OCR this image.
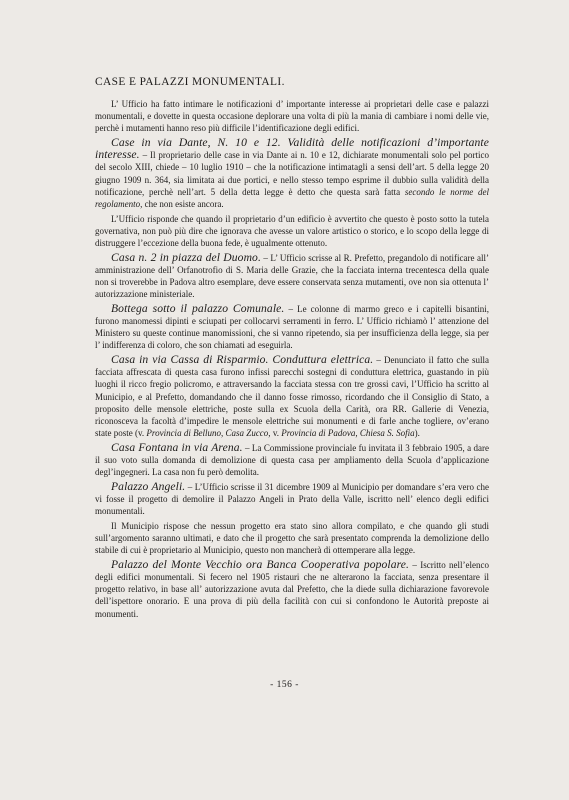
CASE E PALAZZI MONUMENTALI.

L’ Ufficio ha fatto intimare le notificazioni d’ importante interesse ai proprietari delle case e palazzi monumentali, e dovette in questa occasione deplorare una volta di più la mania di cambiare i nomi delle vie, perchè i mutamenti hanno reso più difficile l’identificazione degli edifici.

Case in via Dante, N. 10 e 12. Validità delle notificazioni d’importante interesse. – Il proprietario delle case in via Dante ai n. 10 e 12, dichiarate monumentali solo pel portico del secolo XIII, chiede – 10 luglio 1910 – che la notificazione intimatagli a sensi dell’art. 5 della legge 20 giugno 1909 n. 364, sia limitata ai due portici, e nello stesso tempo esprime il dubbio sulla validità della notificazione, perchè nell’art. 5 della detta legge è detto che questa sarà fatta secondo le norme del regolamento, che non esiste ancora.

L’Ufficio risponde che quando il proprietario d’un edificio è avvertito che questo è posto sotto la tutela governativa, non può più dire che ignorava che avesse un valore artistico o storico, e lo scopo della legge di distruggere l’eccezione della buona fede, è ugualmente ottenuto.

Casa n. 2 in piazza del Duomo. – L’ Ufficio scrisse al R. Prefetto, pregandolo di notificare all’ amministrazione dell’ Orfanotrofio di S. Maria delle Grazie, che la facciata interna trecentesca della quale non si troverebbe in Padova altro esemplare, deve essere conservata senza mutamenti, ove non sia ottenuta l’ autorizzazione ministeriale.

Bottega sotto il palazzo Comunale. – Le colonne di marmo greco e i capitelli bisantini, furono manomessi dipinti e sciupati per collocarvi serramenti in ferro. L’ Ufficio richiamò l’ attenzione del Ministero su queste continue manomissioni, che si vanno ripetendo, sia per insufficienza della legge, sia per l’ indifferenza di coloro, che son chiamati ad eseguirla.

Casa in via Cassa di Risparmio. Conduttura elettrica. – Denunciato il fatto che sulla facciata affrescata di questa casa furono infissi parecchi sostegni di conduttura elettrica, guastando in più luoghi il ricco fregio policromo, e attraversando la facciata stessa con tre grossi cavi, l’Ufficio ha scritto al Municipio, e al Prefetto, domandando che il danno fosse rimosso, ricordando che il Consiglio di Stato, a proposito delle mensole elettriche, poste sulla ex Scuola della Carità, ora RR. Gallerie di Venezia, riconosceva la facoltà d’impedire le mensole elettriche sui monumenti e di farle anche togliere, ov’erano state poste (v. Provincia di Belluno, Casa Zucco, v. Provincia di Padova, Chiesa S. Sofia).

Casa Fontana in via Arena. – La Commissione provinciale fu invitata il 3 febbraio 1905, a dare il suo voto sulla domanda di demolizione di questa casa per ampliamento della Scuola d’applicazione degl’ingegneri. La casa non fu però demolita.

Palazzo Angeli. – L’Ufficio scrisse il 31 dicembre 1909 al Municipio per domandare s’era vero che vi fosse il progetto di demolire il Palazzo Angeli in Prato della Valle, iscritto nell’ elenco degli edifici monumentali.

Il Municipio rispose che nessun progetto era stato sino allora compilato, e che quando gli studi sull’argomento saranno ultimati, e dato che il progetto che sarà presentato comprenda la demolizione dello stabile di cui è proprietario al Municipio, questo non mancherà di ottemperare alla legge.

Palazzo del Monte Vecchio ora Banca Cooperativa popolare. – Iscritto nell’elenco degli edifici monumentali. Si fecero nel 1905 ristauri che ne alterarono la facciata, senza presentare il progetto relativo, in base all’ autorizzazione avuta dal Prefetto, che la diede sulla dichiarazione favorevole dell’ispettore onorario. E una prova di più della facilità con cui si confondono le Autorità preposte ai monumenti.

- 156 -
